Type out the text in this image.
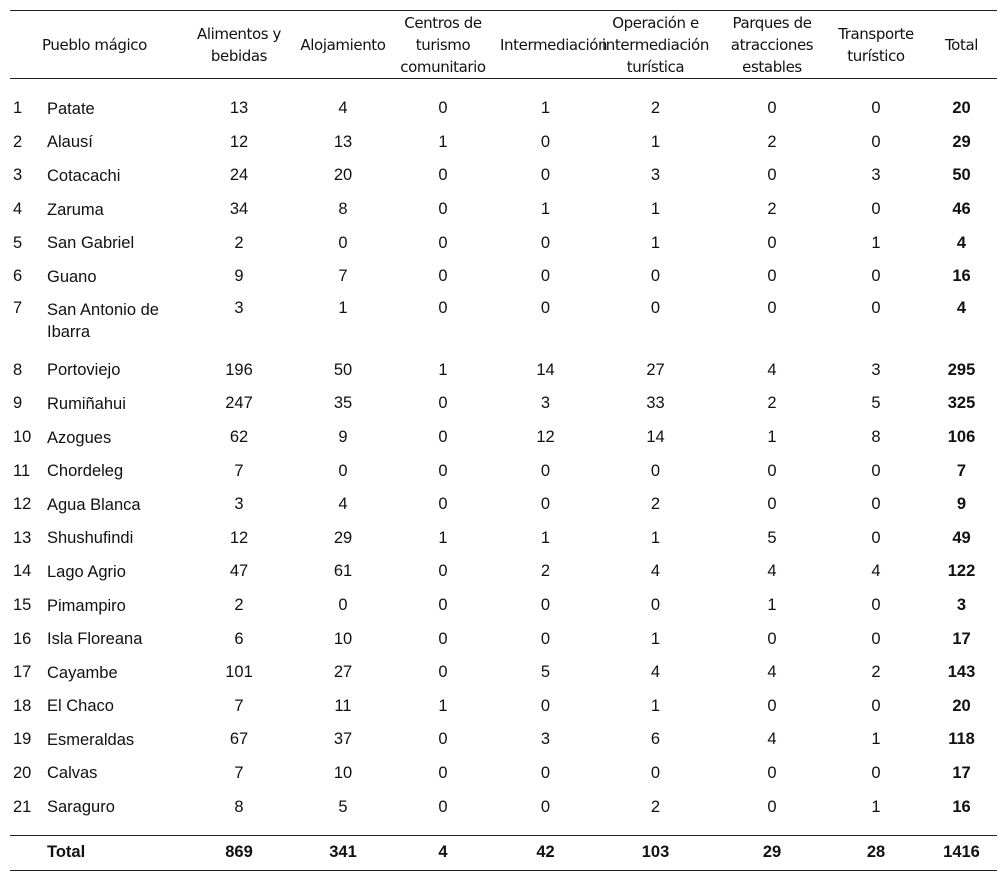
Pueblo mágico		Alimentos y bebidas	Alojamiento	Centros de turismo comunitario	Intermediación	Operación e intermediación turística	Parques de atracciones estables	Transporte turístico	Total

1	Patate	13	4	0	1	2	0	0	20
2	Alausí	12	13	1	0	1	2	0	29
3	Cotacachi	24	20	0	0	3	0	3	50
4	Zaruma	34	8	0	1	1	2	0	46
5	San Gabriel	2	0	0	0	1	0	1	4
6	Guano	9	7	0	0	0	0	0	16
7	San Antonio de Ibarra	3	1	0	0	0	0	0	4
8	Portoviejo	196	50	1	14	27	4	3	295
9	Rumiñahui	247	35	0	3	33	2	5	325
10	Azogues	62	9	0	12	14	1	8	106
11	Chordeleg	7	0	0	0	0	0	0	7
12	Agua Blanca	3	4	0	0	2	0	0	9
13	Shushufindi	12	29	1	1	1	5	0	49
14	Lago Agrio	47	61	0	2	4	4	4	122
15	Pimampiro	2	0	0	0	0	1	0	3
16	Isla Floreana	6	10	0	0	1	0	0	17
17	Cayambe	101	27	0	5	4	4	2	143
18	El Chaco	7	11	1	0	1	0	0	20
19	Esmeraldas	67	37	0	3	6	4	1	118
20	Calvas	7	10	0	0	0	0	0	17
21	Saraguro	8	5	0	0	2	0	1	16

Total		869	341	4	42	103	29	28	1416
